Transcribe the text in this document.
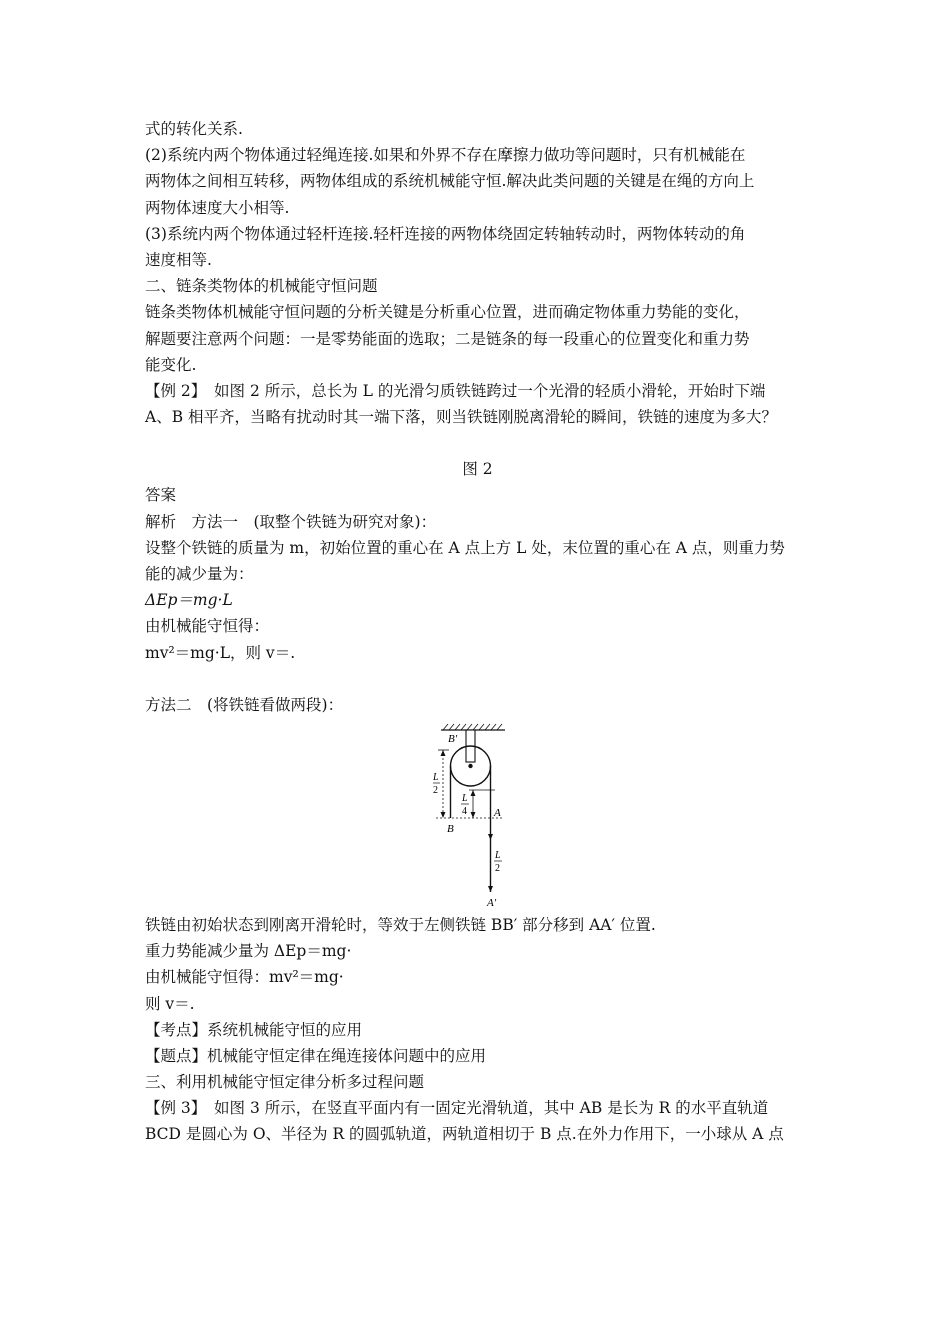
式的转化关系.
(2)系统内两个物体通过轻绳连接.如果和外界不存在摩擦力做功等问题时，只有机械能在
两物体之间相互转移，两物体组成的系统机械能守恒.解决此类问题的关键是在绳的方向上
两物体速度大小相等.
(3)系统内两个物体通过轻杆连接.轻杆连接的两物体绕固定转轴转动时，两物体转动的角
速度相等.
二、链条类物体的机械能守恒问题
链条类物体机械能守恒问题的分析关键是分析重心位置，进而确定物体重力势能的变化，
解题要注意两个问题：一是零势能面的选取；二是链条的每一段重心的位置变化和重力势
能变化.
【例 2】　如图 2 所示，总长为 L 的光滑匀质铁链跨过一个光滑的轻质小滑轮，开始时下端
A、B 相平齐，当略有扰动时其一端下落，则当铁链刚脱离滑轮的瞬间，铁链的速度为多大？
图 2
答案
解析　方法一　(取整个铁链为研究对象)：
设整个铁链的质量为 m，初始位置的重心在 A 点上方 L 处，末位置的重心在 A 点，则重力势
能的减少量为：
ΔEp＝mg·L
由机械能守恒得：
mv²＝mg·L，则 v＝.
方法二　(将铁链看做两段)：
B′
L
2
L
4 A
B
L
2
A′
铁链由初始状态到刚离开滑轮时，等效于左侧铁链 BB′ 部分移到 AA′ 位置.
重力势能减少量为 ΔEp＝mg·
由机械能守恒得：mv²＝mg·
则 v＝.
【考点】系统机械能守恒的应用
【题点】机械能守恒定律在绳连接体问题中的应用
三、利用机械能守恒定律分析多过程问题
【例 3】　如图 3 所示，在竖直平面内有一固定光滑轨道，其中 AB 是长为 R 的水平直轨道
BCD 是圆心为 O、半径为 R 的圆弧轨道，两轨道相切于 B 点.在外力作用下，一小球从 A 点
